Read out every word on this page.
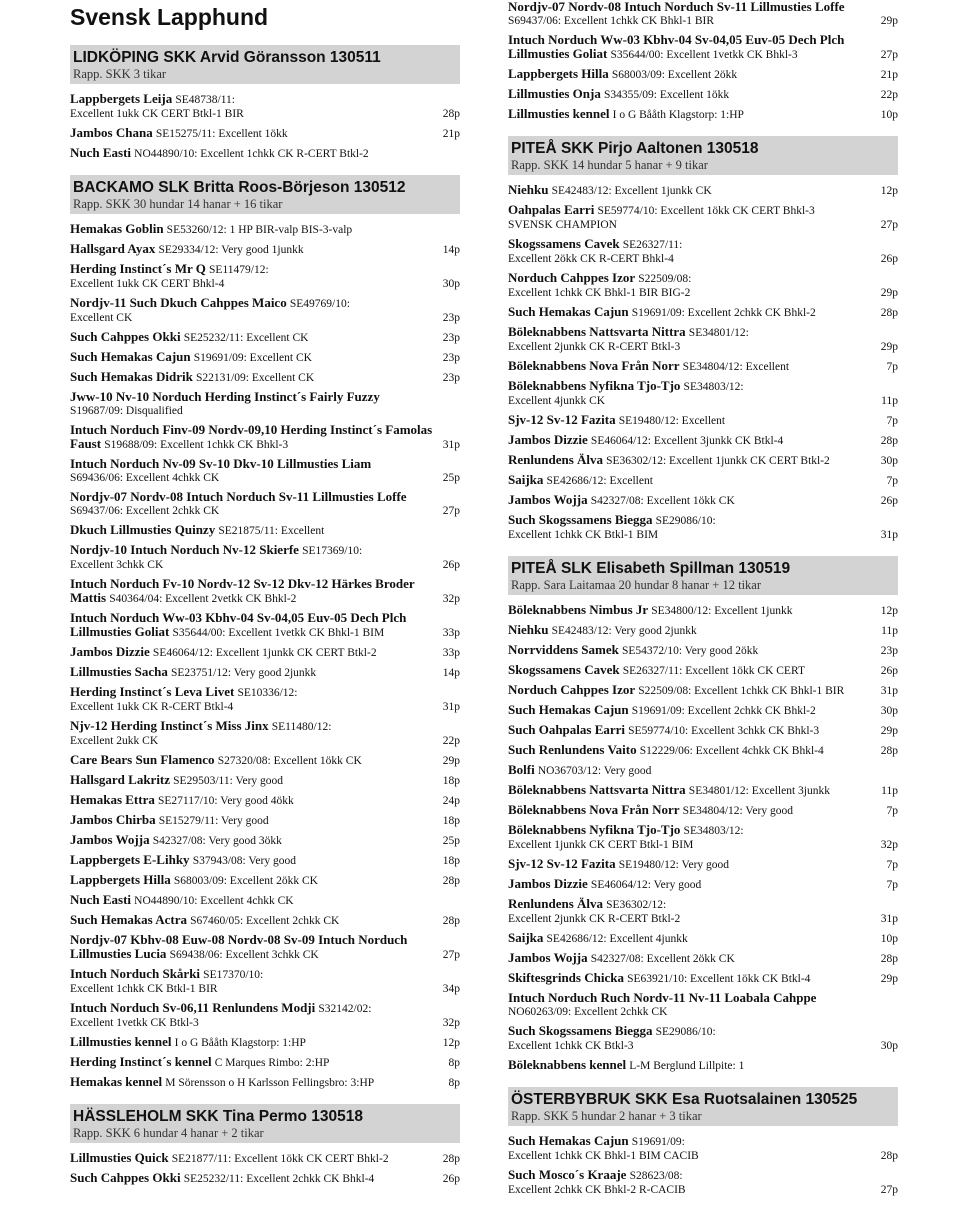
Svensk Lapphund
LIDKÖPING SKK Arvid Göransson 130511
Rapp. SKK 3 tikar
Lappbergets Leija SE48738/11:
Excellent 1ukk CK CERT Btkl-1 BIR	28p
Jambos Chana SE15275/11: Excellent 1ökk	21p
Nuch Easti NO44890/10: Excellent 1chkk CK R-CERT Btkl-2
BACKAMO SLK Britta Roos-Börjeson 130512
Rapp. SKK 30 hundar 14 hanar + 16 tikar
Hemakas Goblin SE53260/12: 1 HP BIR-valp BIS-3-valp
Hallsgard Ayax SE29334/12: Very good 1junkk	14p
Herding Instinct´s Mr Q SE11479/12:
Excellent 1ukk CK CERT Bhkl-4	30p
Nordjv-11 Such Dkuch Cahppes Maico SE49769/10:
Excellent CK	23p
Such Cahppes Okki SE25232/11: Excellent CK	23p
Such Hemakas Cajun S19691/09: Excellent CK	23p
Such Hemakas Didrik S22131/09: Excellent CK	23p
Jww-10 Nv-10 Norduch Herding Instinct´s Fairly Fuzzy
S19687/09: Disqualified
Intuch Norduch Finv-09 Nordv-09,10 Herding Instinct´s Famolas Faust S19688/09: Excellent 1chkk CK Bhkl-3	31p
Intuch Norduch Nv-09 Sv-10 Dkv-10 Lillmusties Liam
S69436/06: Excellent 4chkk CK	25p
Nordjv-07 Nordv-08 Intuch Norduch Sv-11 Lillmusties Loffe
S69437/06: Excellent 2chkk CK	27p
Dkuch Lillmusties Quinzy SE21875/11: Excellent
Nordjv-10 Intuch Norduch Nv-12 Skierfe SE17369/10:
Excellent 3chkk CK	26p
Intuch Norduch Fv-10 Nordv-12 Sv-12 Dkv-12 Härkes Broder Mattis S40364/04: Excellent 2vetkk CK Bhkl-2	32p
Intuch Norduch Ww-03 Kbhv-04 Sv-04,05 Euv-05 Dech Plch Lillmusties Goliat S35644/00: Excellent 1vetkk CK Bhkl-1 BIM	33p
Jambos Dizzie SE46064/12: Excellent 1junkk CK CERT Btkl-2	33p
Lillmusties Sacha SE23751/12: Very good 2junkk	14p
Herding Instinct´s Leva Livet SE10336/12:
Excellent 1ukk CK R-CERT Btkl-4	31p
Njv-12 Herding Instinct´s Miss Jinx SE11480/12:
Excellent 2ukk CK	22p
Care Bears Sun Flamenco S27320/08: Excellent 1ökk CK	29p
Hallsgard Lakritz SE29503/11: Very good	18p
Hemakas Ettra SE27117/10: Very good 4ökk	24p
Jambos Chirba SE15279/11: Very good	18p
Jambos Wojja S42327/08: Very good 3ökk	25p
Lappbergets E-Lihky S37943/08: Very good	18p
Lappbergets Hilla S68003/09: Excellent 2ökk CK	28p
Nuch Easti NO44890/10: Excellent 4chkk CK
Such Hemakas Actra S67460/05: Excellent 2chkk CK	28p
Nordjv-07 Kbhv-08 Euw-08 Nordv-08 Sv-09 Intuch Norduch Lillmusties Lucia S69438/06: Excellent 3chkk CK	27p
Intuch Norduch Skårki SE17370/10:
Excellent 1chkk CK Btkl-1 BIR	34p
Intuch Norduch Sv-06,11 Renlundens Modji S32142/02:
Excellent 1vetkk CK Btkl-3	32p
Lillmusties kennel I o G Bååth Klagstorp: 1:HP	12p
Herding Instinct´s kennel C Marques Rimbo: 2:HP	8p
Hemakas kennel M Sörensson o H Karlsson Fellingsbro: 3:HP	8p
HÄSSLEHOLM SKK Tina Permo 130518
Rapp. SKK 6 hundar 4 hanar + 2 tikar
Lillmusties Quick SE21877/11: Excellent 1ökk CK CERT Bhkl-2	28p
Such Cahppes Okki SE25232/11: Excellent 2chkk CK Bhkl-4	26p
Nordjv-07 Nordv-08 Intuch Norduch Sv-11 Lillmusties Loffe
S69437/06: Excellent 1chkk CK Bhkl-1 BIR	29p
Intuch Norduch Ww-03 Kbhv-04 Sv-04,05 Euv-05 Dech Plch Lillmusties Goliat S35644/00: Excellent 1vetkk CK Bhkl-3	27p
Lappbergets Hilla S68003/09: Excellent 2ökk	21p
Lillmusties Onja S34355/09: Excellent 1ökk	22p
Lillmusties kennel I o G Bååth Klagstorp: 1:HP	10p
PITEÅ SKK Pirjo Aaltonen 130518
Rapp. SKK 14 hundar 5 hanar + 9 tikar
Niehku SE42483/12: Excellent 1junkk CK	12p
Oahpalas Earri SE59774/10: Excellent 1ökk CK CERT Bhkl-3
SVENSK CHAMPION	27p
Skogssamens Cavek SE26327/11:
Excellent 2ökk CK R-CERT Bhkl-4	26p
Norduch Cahppes Izor S22509/08:
Excellent 1chkk CK Bhkl-1 BIR BIG-2	29p
Such Hemakas Cajun S19691/09: Excellent 2chkk CK Bhkl-2	28p
Böleknabbens Nattsvarta Nittra SE34801/12:
Excellent 2junkk CK R-CERT Btkl-3	29p
Böleknabbens Nova Från Norr SE34804/12: Excellent	7p
Böleknabbens Nyfikna Tjo-Tjo SE34803/12:
Excellent 4junkk CK	11p
Sjv-12 Sv-12 Fazita SE19480/12: Excellent	7p
Jambos Dizzie SE46064/12: Excellent 3junkk CK Btkl-4	28p
Renlundens Älva SE36302/12: Excellent 1junkk CK CERT Btkl-2	30p
Saijka SE42686/12: Excellent	7p
Jambos Wojja S42327/08: Excellent 1ökk CK	26p
Such Skogssamens Biegga SE29086/10:
Excellent 1chkk CK Btkl-1 BIM	31p
PITEÅ SLK Elisabeth Spillman 130519
Rapp. Sara Laitamaa 20 hundar 8 hanar + 12 tikar
Böleknabbens Nimbus Jr SE34800/12: Excellent 1junkk	12p
Niehku SE42483/12: Very good 2junkk	11p
Norrviddens Samek SE54372/10: Very good 2ökk	23p
Skogssamens Cavek SE26327/11: Excellent 1ökk CK CERT	26p
Norduch Cahppes Izor S22509/08: Excellent 1chkk CK Bhkl-1 BIR	31p
Such Hemakas Cajun S19691/09: Excellent 2chkk CK Bhkl-2	30p
Such Oahpalas Earri SE59774/10: Excellent 3chkk CK Bhkl-3	29p
Such Renlundens Vaito S12229/06: Excellent 4chkk CK Bhkl-4	28p
Bolfi NO36703/12: Very good
Böleknabbens Nattsvarta Nittra SE34801/12: Excellent 3junkk	11p
Böleknabbens Nova Från Norr SE34804/12: Very good	7p
Böleknabbens Nyfikna Tjo-Tjo SE34803/12:
Excellent 1junkk CK CERT Btkl-1 BIM	32p
Sjv-12 Sv-12 Fazita SE19480/12: Very good	7p
Jambos Dizzie SE46064/12: Very good	7p
Renlundens Älva SE36302/12:
Excellent 2junkk CK R-CERT Btkl-2	31p
Saijka SE42686/12: Excellent 4junkk	10p
Jambos Wojja S42327/08: Excellent 2ökk CK	28p
Skiftesgrinds Chicka SE63921/10: Excellent 1ökk CK Btkl-4	29p
Intuch Norduch Ruch Nordv-11 Nv-11 Loabala Cahppe
NO60263/09: Excellent 2chkk CK
Such Skogssamens Biegga SE29086/10:
Excellent 1chkk CK Btkl-3	30p
Böleknabbens kennel L-M Berglund Lillpite: 1
ÖSTERBYBRUK SKK Esa Ruotsalainen 130525
Rapp. SKK 5 hundar 2 hanar + 3 tikar
Such Hemakas Cajun S19691/09:
Excellent 1chkk CK Bhkl-1 BIM CACIB	28p
Such Mosco´s Kraaje S28623/08:
Excellent 2chkk CK Bhkl-2 R-CACIB	27p
